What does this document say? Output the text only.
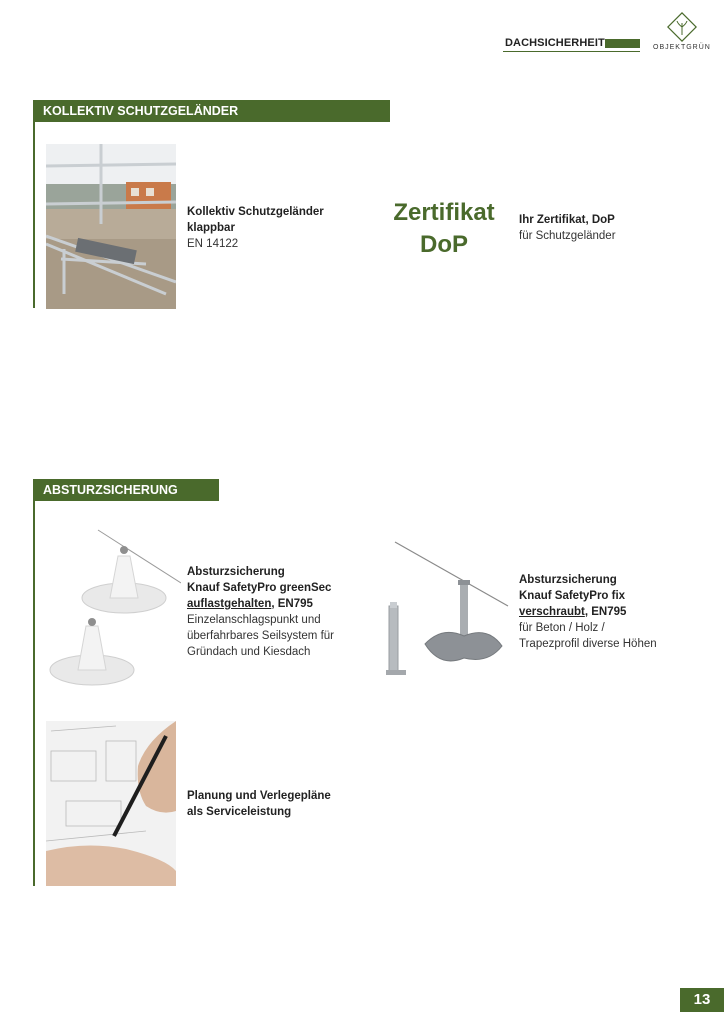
DACHSICHERHEIT	OBJEKTGRÜN
KOLLEKTIV SCHUTZGELÄNDER
Kollektiv Schutzgeländer
klappbar
EN 14122
Zertifikat
DoP
Ihr Zertifikat, DoP
für Schutzgeländer
ABSTURZSICHERUNG
Absturzsicherung
Knauf SafetyPro greenSec
auflastgehalten, EN795
Einzelanschlagspunkt und
überfahrbares Seilsystem für
Gründach und Kiesdach
Absturzsicherung
Knauf SafetyPro fix
verschraubt, EN795
für Beton / Holz /
Trapezprofil diverse Höhen
Planung und Verlegepläne
als Serviceleistung
13
